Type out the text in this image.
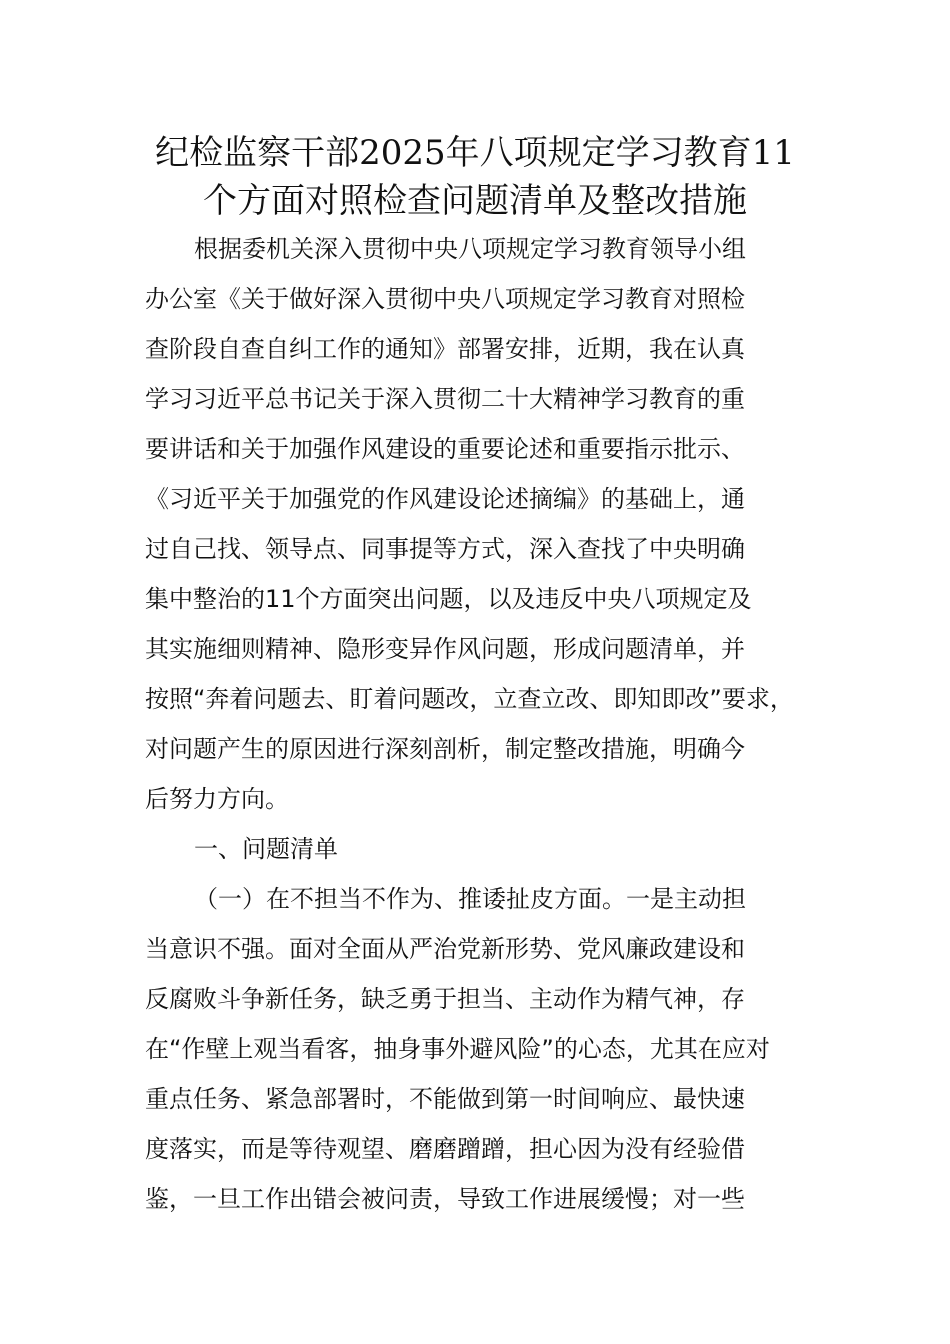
纪检监察干部2025年八项规定学习教育11
个方面对照检查问题清单及整改措施

根据委机关深入贯彻中央八项规定学习教育领导小组

办公室《关于做好深入贯彻中央八项规定学习教育对照检

查阶段自查自纠工作的通知》部署安排，近期，我在认真

学习习近平总书记关于深入贯彻二十大精神学习教育的重

要讲话和关于加强作风建设的重要论述和重要指示批示、

《习近平关于加强党的作风建设论述摘编》的基础上，通

过自己找、领导点、同事提等方式，深入查找了中央明确

集中整治的11个方面突出问题，以及违反中央八项规定及

其实施细则精神、隐形变异作风问题，形成问题清单，并

按照“奔着问题去、盯着问题改，立查立改、即知即改”要求，

对问题产生的原因进行深刻剖析，制定整改措施，明确今

后努力方向。

一、问题清单

（一）在不担当不作为、推诿扯皮方面。一是主动担

当意识不强。面对全面从严治党新形势、党风廉政建设和

反腐败斗争新任务，缺乏勇于担当、主动作为精气神，存

在“作壁上观当看客，抽身事外避风险”的心态，尤其在应对

重点任务、紧急部署时，不能做到第一时间响应、最快速

度落实，而是等待观望、磨磨蹭蹭，担心因为没有经验借

鉴，一旦工作出错会被问责，导致工作进展缓慢；对一些
